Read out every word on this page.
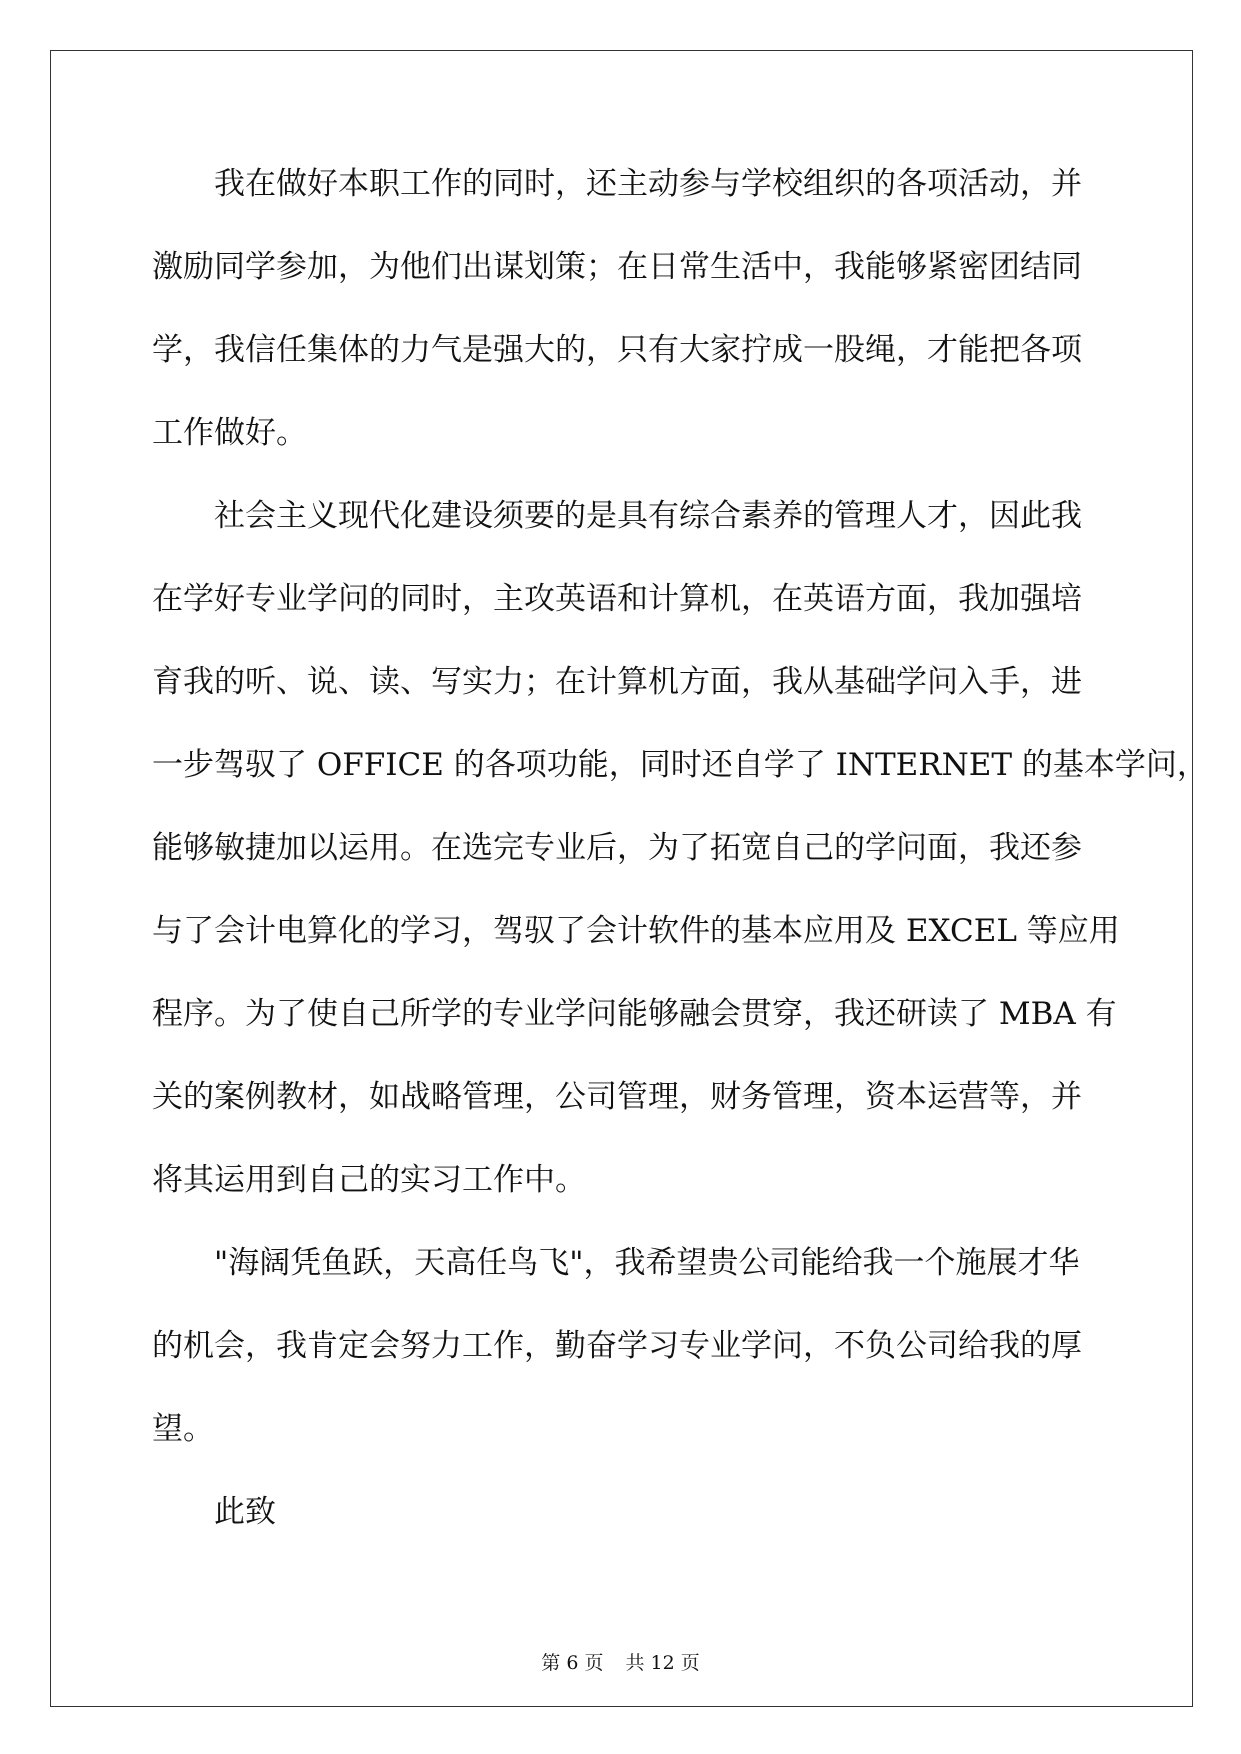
我在做好本职工作的同时，还主动参与学校组织的各项活动，并
激励同学参加，为他们出谋划策；在日常生活中，我能够紧密团结同
学，我信任集体的力气是强大的，只有大家拧成一股绳，才能把各项
工作做好。
社会主义现代化建设须要的是具有综合素养的管理人才，因此我
在学好专业学问的同时，主攻英语和计算机，在英语方面，我加强培
育我的听、说、读、写实力；在计算机方面，我从基础学问入手，进
一步驾驭了 OFFICE 的各项功能，同时还自学了 INTERNET 的基本学问，
能够敏捷加以运用。在选完专业后，为了拓宽自己的学问面，我还参
与了会计电算化的学习，驾驭了会计软件的基本应用及 EXCEL 等应用
程序。为了使自己所学的专业学问能够融会贯穿，我还研读了 MBA 有
关的案例教材，如战略管理，公司管理，财务管理，资本运营等，并
将其运用到自己的实习工作中。
"海阔凭鱼跃，天高任鸟飞"，我希望贵公司能给我一个施展才华
的机会，我肯定会努力工作，勤奋学习专业学问，不负公司给我的厚
望。
此致
第 6 页 共 12 页
